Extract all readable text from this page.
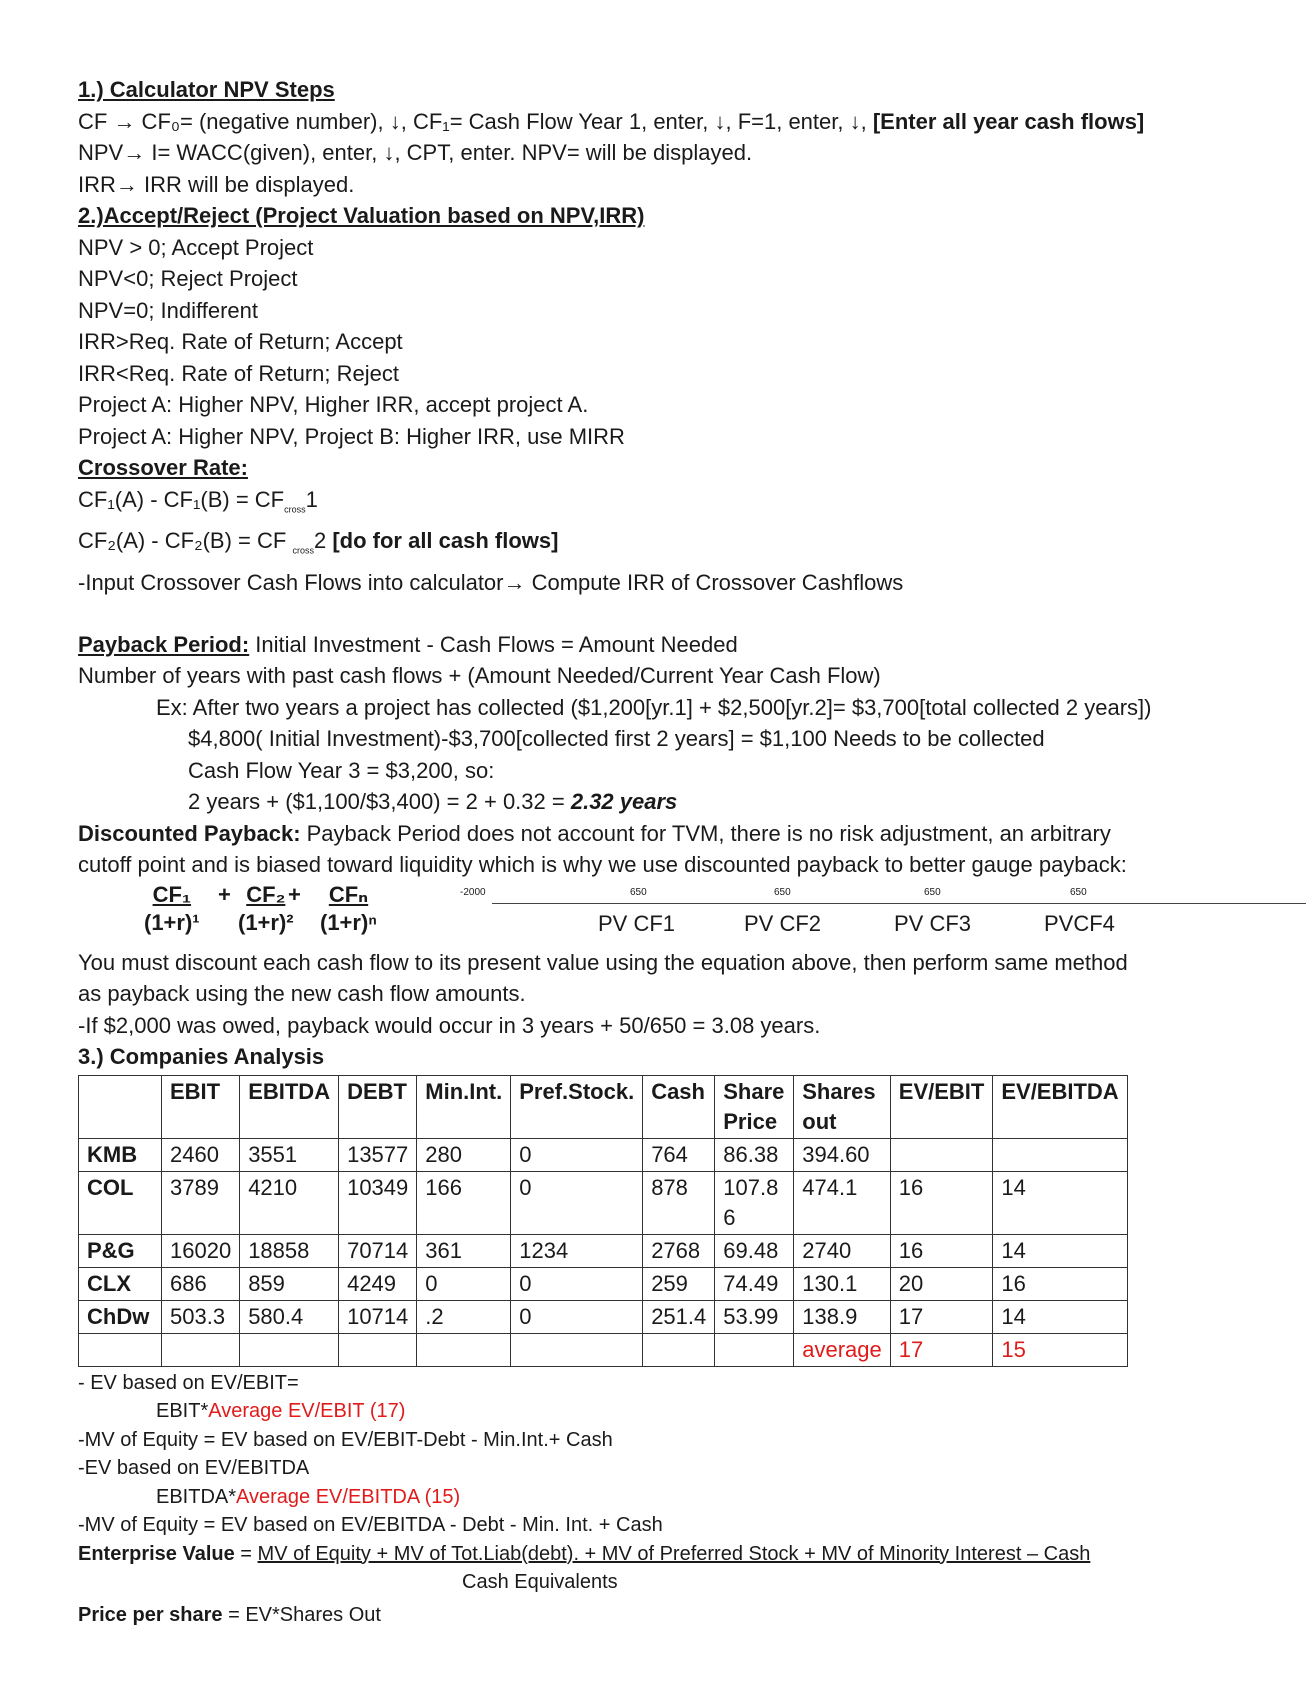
1.) Calculator NPV Steps
CF → CF₀= (negative number), ↓, CF₁= Cash Flow Year 1, enter, ↓, F=1, enter, ↓, [Enter all year cash flows]
NPV→ I= WACC(given), enter, ↓, CPT, enter. NPV= will be displayed.
IRR→ IRR will be displayed.
2.)Accept/Reject (Project Valuation based on NPV,IRR)
NPV > 0; Accept Project
NPV<0; Reject Project
NPV=0; Indifferent
IRR>Req. Rate of Return; Accept
IRR<Req. Rate of Return; Reject
Project A: Higher NPV, Higher IRR, accept project A.
Project A: Higher NPV, Project B: Higher IRR, use MIRR
Crossover Rate:
$CF_1(A) - CF_1(B) = CF_{cross}1$
CF₂(A) - CF₂(B) = CF $_{cross}$2 [do for all cash flows]
-Input Crossover Cash Flows into calculator→ Compute IRR of Crossover Cashflows
Payback Period: Initial Investment - Cash Flows = Amount Needed
Number of years with past cash flows + (Amount Needed/Current Year Cash Flow)
Ex: After two years a project has collected ($1,200[yr.1] + $2,500[yr.2]= $3,700[total collected 2 years])
$4,800( Initial Investment)-$3,700[collected first 2 years] = $1,100 Needs to be collected
Cash Flow Year 3 = $3,200, so:
2 years + ($1,100/$3,400) = 2 + 0.32 = 2.32 years
Discounted Payback: Payback Period does not account for TVM, there is no risk adjustment, an arbitrary
cutoff point and is biased toward liquidity which is why we use discounted payback to better gauge payback:
$\frac{\text{CF₁}}{\text{(1+r)¹}} + \frac{\text{CF₂}}{\text{(1+r)²}}$
+	CFₙ
(1+r)ⁿ
-2000	650	650	650	650
PV CF1	PV CF2	PV CF3	PVCF4
You must discount each cash flow to its present value using the equation above, then perform same method
as payback using the new cash flow amounts.
-If $2,000 was owed, payback would occur in 3 years + 50/650 = 3.08 years.
3.) Companies Analysis
	EBIT	EBITDA	DEBT	Min.Int.	Pref.Stock.	Cash	Share Price	Shares out	EV/EBIT	EV/EBITDA
KMB	2460	3551	13577	280	0	764	86.38	394.60		
COL	3789	4210	10349	166	0	878	107.86	474.1	16	14
P&G	16020	18858	70714	361	1234	2768	69.48	2740	16	14
CLX	686	859	4249	0	0	259	74.49	130.1	20	16
ChDw	503.3	580.4	10714	.2	0	251.4	53.99	138.9	17	14
								average	17	15
- EV based on EV/EBIT=
EBIT*Average EV/EBIT (17)
-MV of Equity = EV based on EV/EBIT-Debt - Min.Int.+ Cash
-EV based on EV/EBITDA
EBITDA*Average EV/EBITDA (15)
-MV of Equity = EV based on EV/EBITDA - Debt - Min. Int. + Cash
Enterprise Value = MV of Equity + MV of Tot.Liab(debt). + MV of Preferred Stock + MV of Minority Interest – Cash
Cash Equivalents
Price per share = EV*Shares Out
